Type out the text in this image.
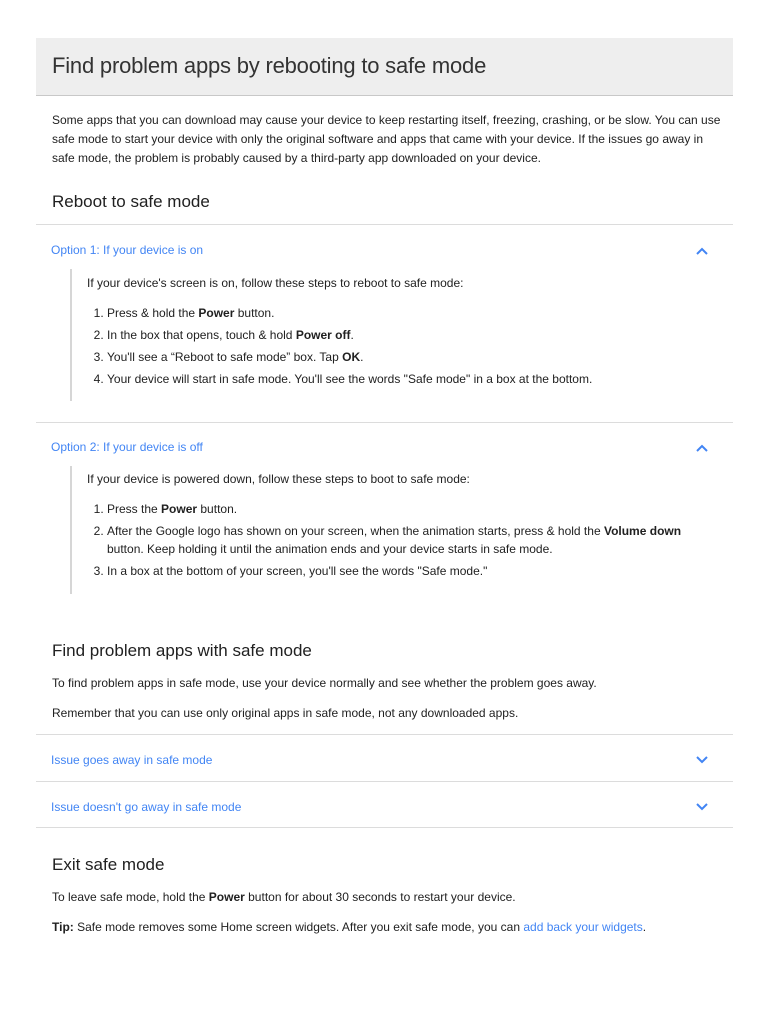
Find problem apps by rebooting to safe mode

Some apps that you can download may cause your device to keep restarting itself, freezing, crashing, or be slow. You can use safe mode to start your device with only the original software and apps that came with your device. If the issues go away in safe mode, the problem is probably caused by a third-party app downloaded on your device.

Reboot to safe mode
Option 1: If your device is on

If your device's screen is on, follow these steps to reboot to safe mode:

1. Press & hold the Power button.
2. In the box that opens, touch & hold Power off.
3. You'll see a “Reboot to safe mode” box. Tap OK.
4. Your device will start in safe mode. You'll see the words "Safe mode" in a box at the bottom.
Option 2: If your device is off

If your device is powered down, follow these steps to boot to safe mode:

1. Press the Power button.
2. After the Google logo has shown on your screen, when the animation starts, press & hold the Volume down button. Keep holding it until the animation ends and your device starts in safe mode.
3. In a box at the bottom of your screen, you'll see the words "Safe mode."
Find problem apps with safe mode

To find problem apps in safe mode, use your device normally and see whether the problem goes away.

Remember that you can use only original apps in safe mode, not any downloaded apps.

Issue goes away in safe mode
Issue doesn't go away in safe mode
Exit safe mode

To leave safe mode, hold the Power button for about 30 seconds to restart your device.

Tip: Safe mode removes some Home screen widgets. After you exit safe mode, you can add back your widgets.
